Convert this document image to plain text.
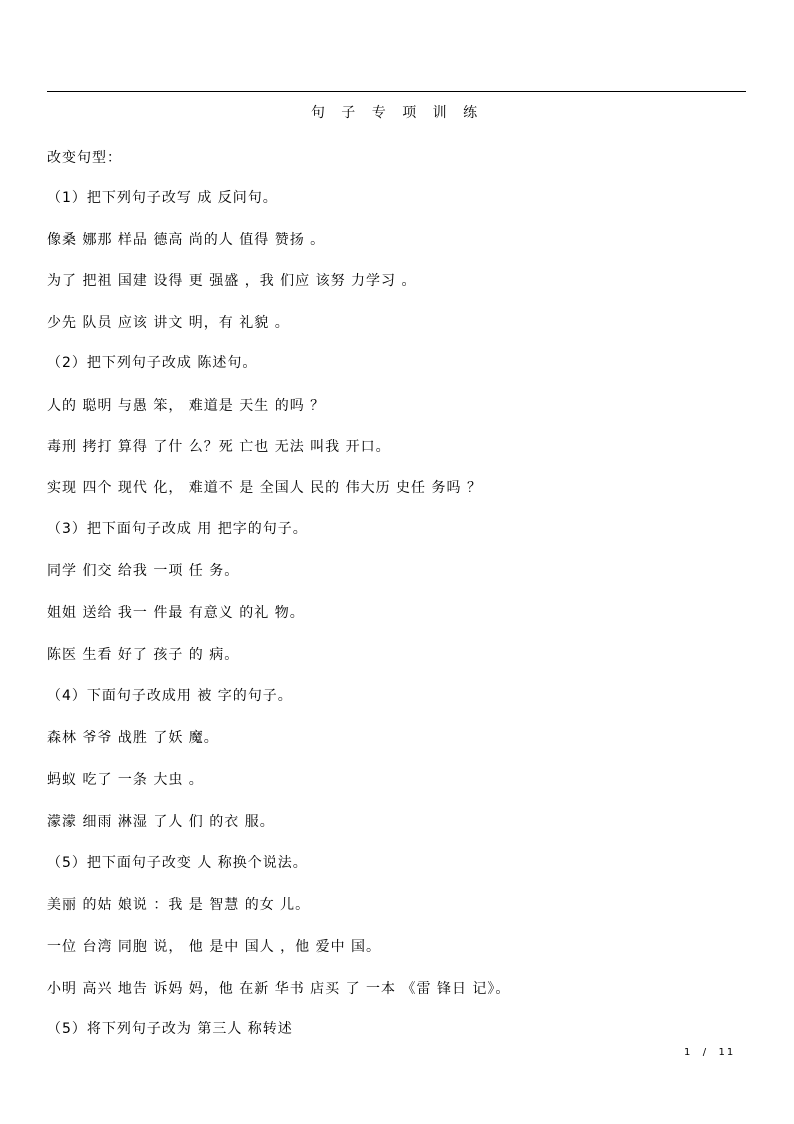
句 子 专 项 训 练
改变句型：
（1）把下列句子改写 成 反问句。
像桑 娜那 样品 德高 尚的人 值得 赞扬 。
为了 把祖 国建 设得 更 强盛 ，我 们应 该努 力学习 。
少先 队员 应该 讲文 明，有 礼貌 。
（2）把下列句子改成 陈述句。
人的 聪明 与愚 笨， 难道是 天生 的吗 ？
毒刑 拷打 算得 了什 么？死 亡也 无法 叫我 开口。
实现 四个 现代 化， 难道不 是 全国人 民的 伟大历 史任 务吗 ？
（3）把下面句子改成 用 把字的句子。
同学 们交 给我 一项 任 务。
姐姐 送给 我一 件最 有意义 的礼 物。
陈医 生看 好了 孩子 的 病。
（4）下面句子改成用 被 字的句子。
森林 爷爷 战胜 了妖 魔。
蚂蚁 吃了 一条 大虫 。
濛濛 细雨 淋湿 了人 们 的衣 服。
（5）把下面句子改变 人 称换个说法。
美丽 的姑 娘说 ：我 是 智慧 的女 儿。
一位 台湾 同胞 说， 他 是中 国人 ，他 爱中 国。
小明 高兴 地告 诉妈 妈，他 在新 华书 店买 了 一本 《雷 锋日 记》。
（5）将下列句子改为 第三人 称转述
1 / 11
